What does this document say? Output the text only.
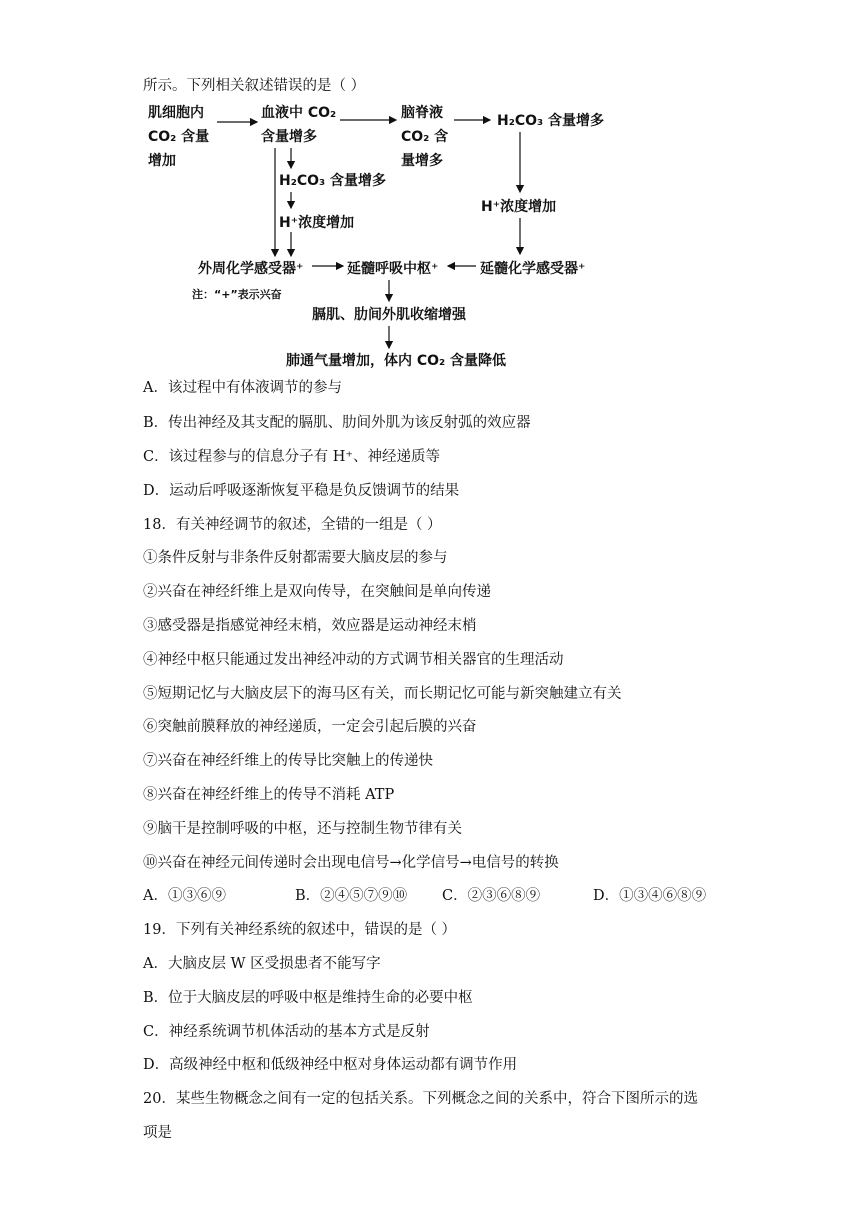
所示。下列相关叙述错误的是（ ）
肌细胞内
CO₂ 含量
增加
血液中 CO₂
含量增多
脑脊液
CO₂ 含
量增多
H₂CO₃ 含量增多
H₂CO₃ 含量增多
H⁺浓度增加
H⁺浓度增加
外周化学感受器⁺	延髓呼吸中枢⁺	延髓化学感受器⁺
注：“+”表示兴奋
膈肌、肋间外肌收缩增强
肺通气量增加，体内 CO₂ 含量降低
A．该过程中有体液调节的参与
B．传出神经及其支配的膈肌、肋间外肌为该反射弧的效应器
C．该过程参与的信息分子有 H⁺、神经递质等
D．运动后呼吸逐渐恢复平稳是负反馈调节的结果
18．有关神经调节的叙述，全错的一组是（ ）
①条件反射与非条件反射都需要大脑皮层的参与
②兴奋在神经纤维上是双向传导，在突触间是单向传递
③感受器是指感觉神经末梢，效应器是运动神经末梢
④神经中枢只能通过发出神经冲动的方式调节相关器官的生理活动
⑤短期记忆与大脑皮层下的海马区有关，而长期记忆可能与新突触建立有关
⑥突触前膜释放的神经递质，一定会引起后膜的兴奋
⑦兴奋在神经纤维上的传导比突触上的传递快
⑧兴奋在神经纤维上的传导不消耗 ATP
⑨脑干是控制呼吸的中枢，还与控制生物节律有关
⑩兴奋在神经元间传递时会出现电信号→化学信号→电信号的转换
A．①③⑥⑨	B．②④⑤⑦⑨⑩ C．②③⑥⑧⑨	D．①③④⑥⑧⑨
19．下列有关神经系统的叙述中，错误的是（ ）
A．大脑皮层 W 区受损患者不能写字
B．位于大脑皮层的呼吸中枢是维持生命的必要中枢
C．神经系统调节机体活动的基本方式是反射
D．高级神经中枢和低级神经中枢对身体运动都有调节作用
20．某些生物概念之间有一定的包括关系。下列概念之间的关系中，符合下图所示的选
项是
